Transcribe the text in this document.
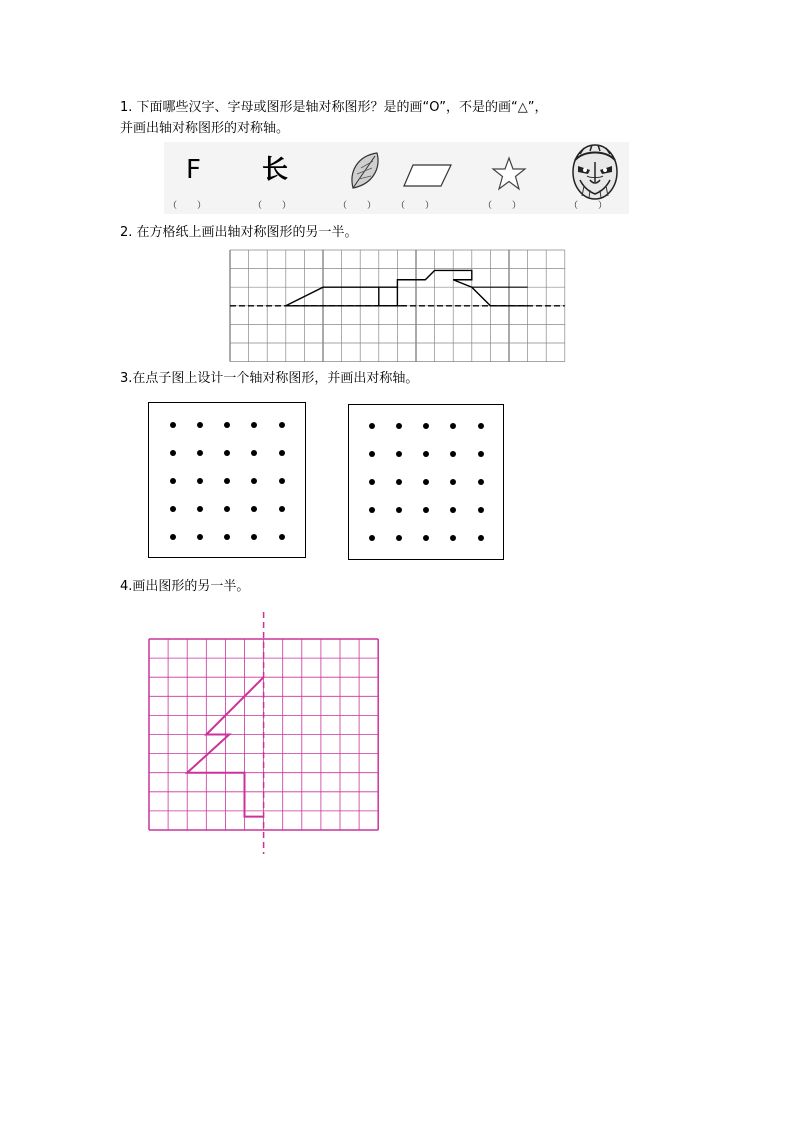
1. 下面哪些汉字、字母或图形是轴对称图形？是的画“O”，不是的画“△”，
并画出轴对称图形的对称轴。
F 长
（       ）	（       ）	（       ） （       ）	（       ）	（       ）
2. 在方格纸上画出轴对称图形的另一半。
3.在点子图上设计一个轴对称图形，并画出对称轴。
4.画出图形的另一半。
